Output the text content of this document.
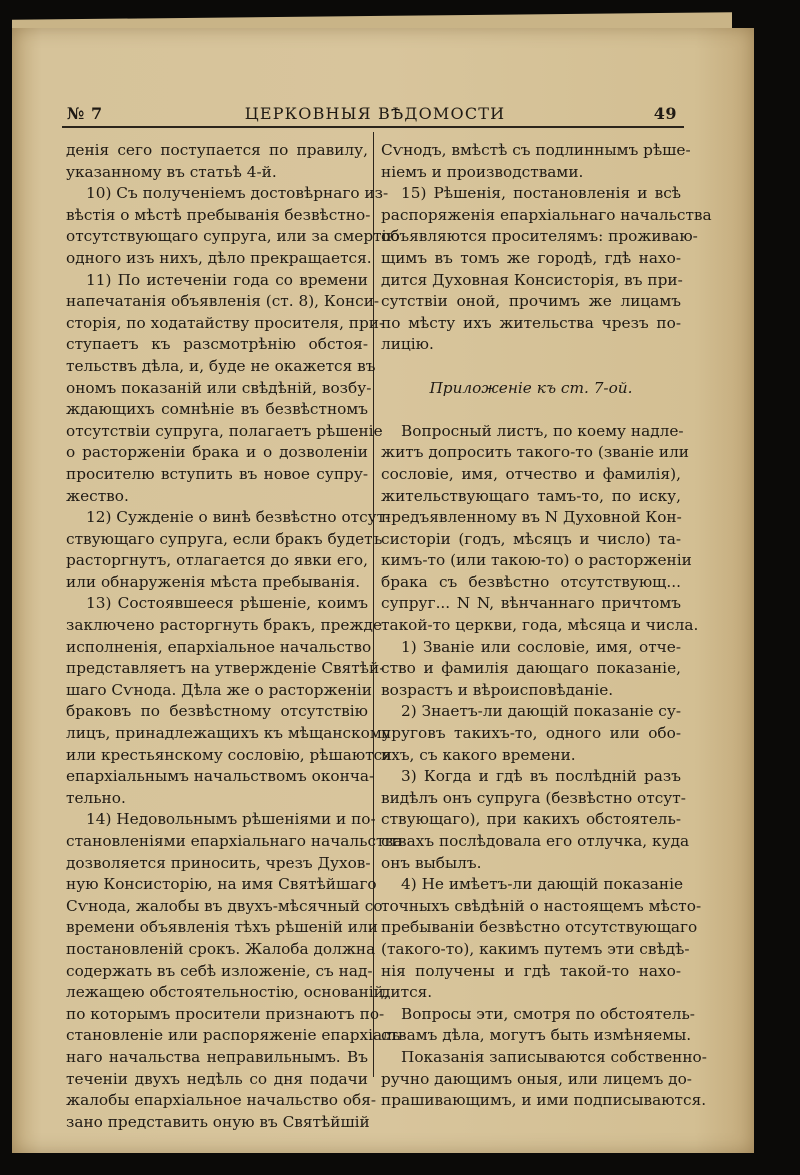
№ 7	ЦЕРКОВНЫЯ ВѢДОМОСТИ	49
денія сего поступается по правилу,
указанному въ статьѣ 4-й.
10) Съ полученіемъ достовѣрнаго из-
вѣстія о мѣстѣ пребыванія безвѣстно-
отсутствующаго супруга, или за смертію
одного изъ нихъ, дѣло прекращается.
11) По истеченіи года со времени
напечатанія объявленія (ст. 8), Конси-
сторія, по ходатайству просителя, при-
ступаетъ къ разсмотрѣнію обстоя-
тельствъ дѣла, и, буде не окажется въ
ономъ показаній или свѣдѣній, возбу-
ждающихъ сомнѣніе въ безвѣстномъ
отсутствіи супруга, полагаетъ рѣшеніе
о расторженіи брака и о дозволеніи
просителю вступить въ новое супру-
жество.
12) Сужденіе о винѣ безвѣстно отсут-
ствующаго супруга, если бракъ будетъ
расторгнутъ, отлагается до явки его,
или обнаруженія мѣста пребыванія.
13) Состоявшееся рѣшеніе, коимъ
заключено расторгнуть бракъ, прежде
исполненія, епархіальное начальство
представляетъ на утвержденіе Святѣй-
шаго Сѵнода. Дѣла же о расторженіи
браковъ по безвѣстному отсутствію
лицъ, принадлежащихъ къ мѣщанскому
или крестьянскому сословію, рѣшаются
епархіальнымъ начальствомъ оконча-
тельно.
14) Недовольнымъ рѣшеніями и по-
становленіями епархіальнаго начальства
дозволяется приносить, чрезъ Духов-
ную Консисторію, на имя Святѣйшаго
Сѵнода, жалобы въ двухъ-мѣсячный со
времени объявленія тѣхъ рѣшеній или
постановленій срокъ. Жалоба должна
содержать въ себѣ изложеніе, съ над-
лежащею обстоятельностію, основаній,
по которымъ просители признаютъ по-
становленіе или распоряженіе епархіаль-
наго начальства неправильнымъ. Въ
теченіи двухъ недѣль со дня подачи
жалобы епархіальное начальство обя-
зано представить оную въ Святѣйшій
Сѵнодъ, вмѣстѣ съ подлиннымъ рѣше-
ніемъ и производствами.
15) Рѣшенія, постановленія и всѣ
распоряженія епархіальнаго начальства
объявляются просителямъ: проживаю-
щимъ въ томъ же городѣ, гдѣ нахо-
дится Духовная Консисторія, въ при-
сутствіи оной, прочимъ же лицамъ
по мѣсту ихъ жительства чрезъ по-
лицію.
Приложеніе къ ст. 7-ой.
Вопросный листъ, по коему надле-
житъ допросить такого-то (званіе или
сословіе, имя, отчество и фамилія),
жительствующаго тамъ-то, по иску,
предъявленному въ N Духовной Кон-
систоріи (годъ, мѣсяцъ и число) та-
кимъ-то (или такою-то) о расторженіи
брака съ безвѣстно отсутствующ...
супруг... N N, вѣнчаннаго причтомъ
такой-то церкви, года, мѣсяца и числа.
1) Званіе или сословіе, имя, отче-
ство и фамилія дающаго показаніе,
возрастъ и вѣроисповѣданіе.
2) Знаетъ-ли дающій показаніе су-
пруговъ такихъ-то, одного или обо-
ихъ, съ какого времени.
3) Когда и гдѣ въ послѣдній разъ
видѣлъ онъ супруга (безвѣстно отсут-
ствующаго), при какихъ обстоятель-
ствахъ послѣдовала его отлучка, куда
онъ выбылъ.
4) Не имѣетъ-ли дающій показаніе
точныхъ свѣдѣній о настоящемъ мѣсто-
пребываніи безвѣстно отсутствующаго
(такого-то), какимъ путемъ эти свѣдѣ-
нія получены и гдѣ такой-то нахо-
дится.
Вопросы эти, смотря по обстоятель-
ствамъ дѣла, могутъ быть измѣняемы.
Показанія записываются собственно-
ручно дающимъ оныя, или лицемъ до-
прашивающимъ, и ими подписываются.
